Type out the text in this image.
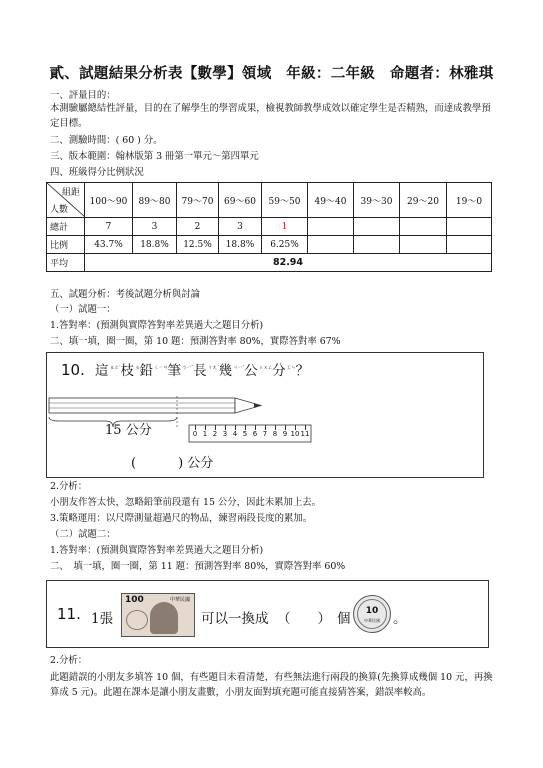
貳、試題結果分析表【數學】領域　年級：二年級　命題者：林雅琪
一、評量目的：
本測驗屬總結性評量，目的在了解學生的學習成果，檢視教師教學成效以確定學生是否精熟，而達成教學預定目標。
二、測驗時間：( 60 ) 分。
三、版本範圍：翰林版第 3 冊第一單元～第四單元
四、班級得分比例狀況
組距
人數	100～90	89～80	79～70	69～60	59～50	49～40	39～30	29～20	19～0

總計	7	3	2	3	1				
比例	43.7%	18.8%	12.5%	18.8%	6.25%				
平均	82.94								
五、試題分析：考後試題分析與討論
（一）試題一：
1.答對率：(預測與實際答對率差異過大之題目分析)
二、填一填，圈一圈，第 10 題：預測答對率 80%，實際答對率 67%
10. 這$^{ㄓㄜˋ}$枝$^ㄓ$鉛$^{ㄑㄧㄢ}$筆$^{ㄅㄧˇ}$長$^{ㄔㄤˊ}$幾$^{ㄐㄧˇ}$公$^{ㄍㄨㄥ}$分$^{ㄈㄣ}$？
0 1 2 3 4 5 6 7 8 9 10 11
15 公分
(	) 公分
2.分析：
小朋友作答太快，忽略鉛筆前段還有 15 公分，因此未累加上去。
3.策略運用：以尺際測量超過尺的物品，練習兩段長度的累加。
（二）試題二：
1.答對率：(預測與實際答對率差異過大之題目分析)
二、　填一填，圈一圈，第 11 題：預測答對率 80%，實際答對率 60%
11. 1張
100	中華民國
可以一換成 （　　） 個	10
中華民國 。
2.分析：
此題錯誤的小朋友多填答 10 個，有些題目未看清楚，有些無法進行兩段的換算(先換算成幾個 10 元，再換算成 5 元)。此題在課本是讓小朋友畫數，小朋友面對填充題可能直接猜答案，錯誤率較高。
